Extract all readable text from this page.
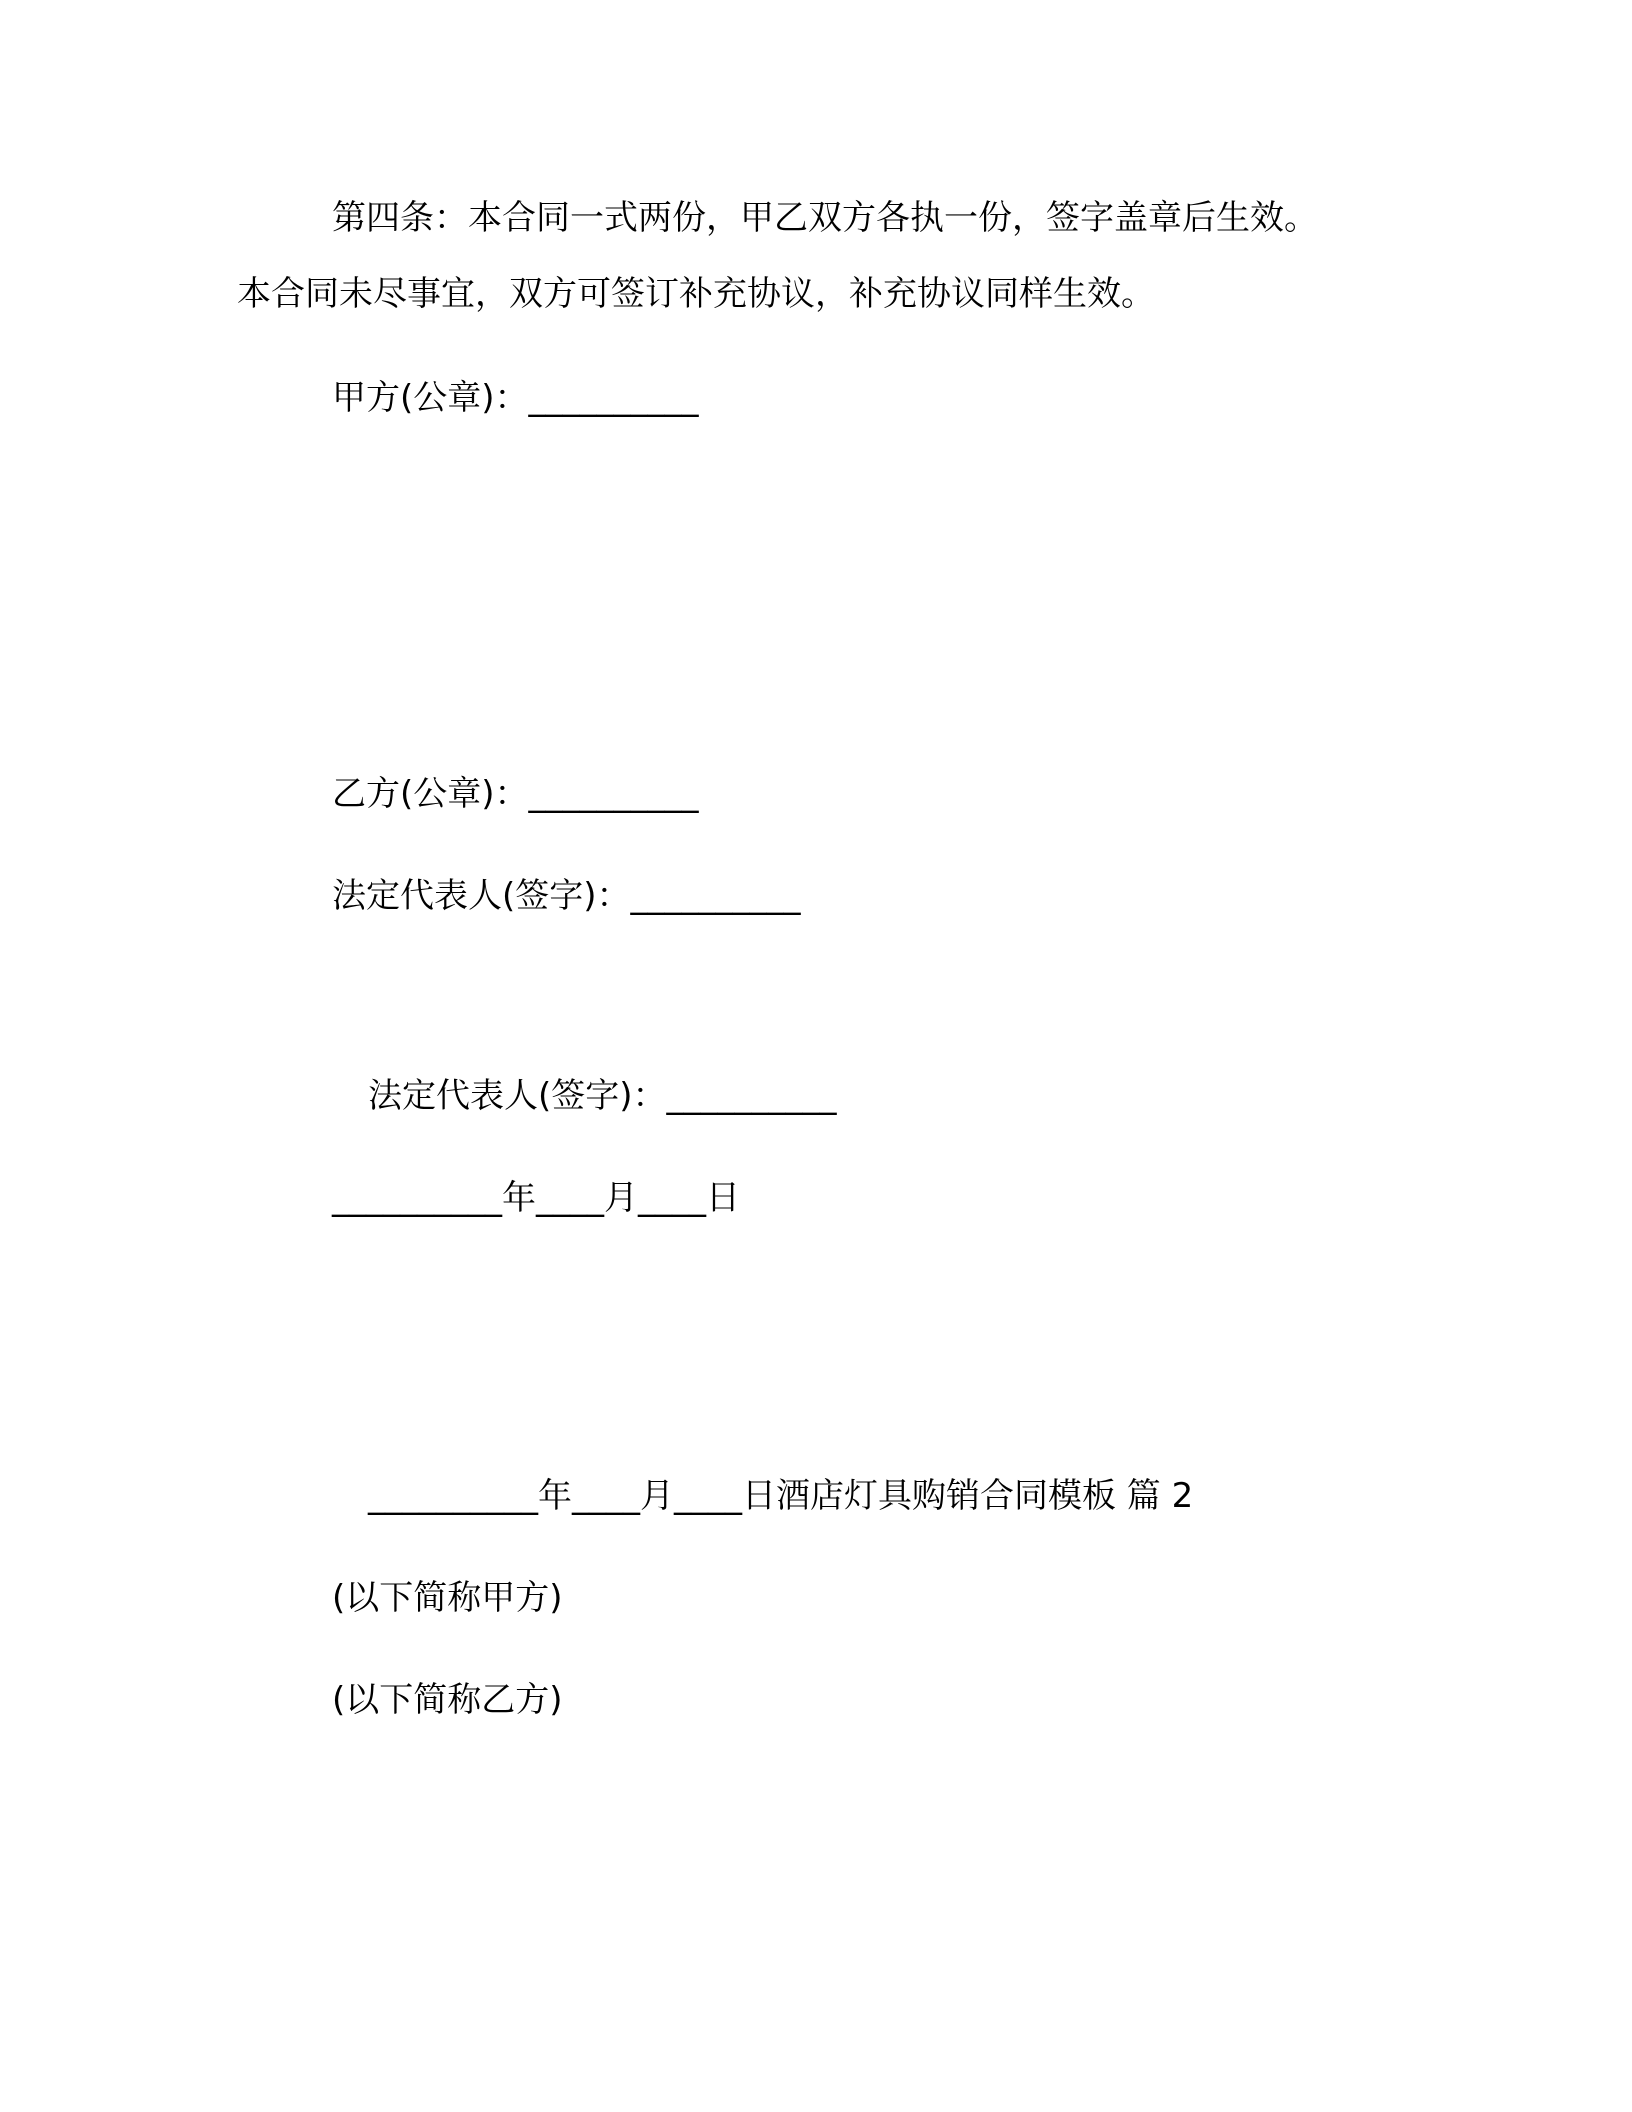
第四条：本合同一式两份，甲乙双方各执一份，签字盖章后生效。
本合同未尽事宜，双方可签订补充协议，补充协议同样生效。
甲方(公章)：__________
乙方(公章)：__________
法定代表人(签字)：__________
法定代表人(签字)：__________
__________年____月____日
__________年____月____日酒店灯具购销合同模板 篇 2
(以下简称甲方)
(以下简称乙方)
